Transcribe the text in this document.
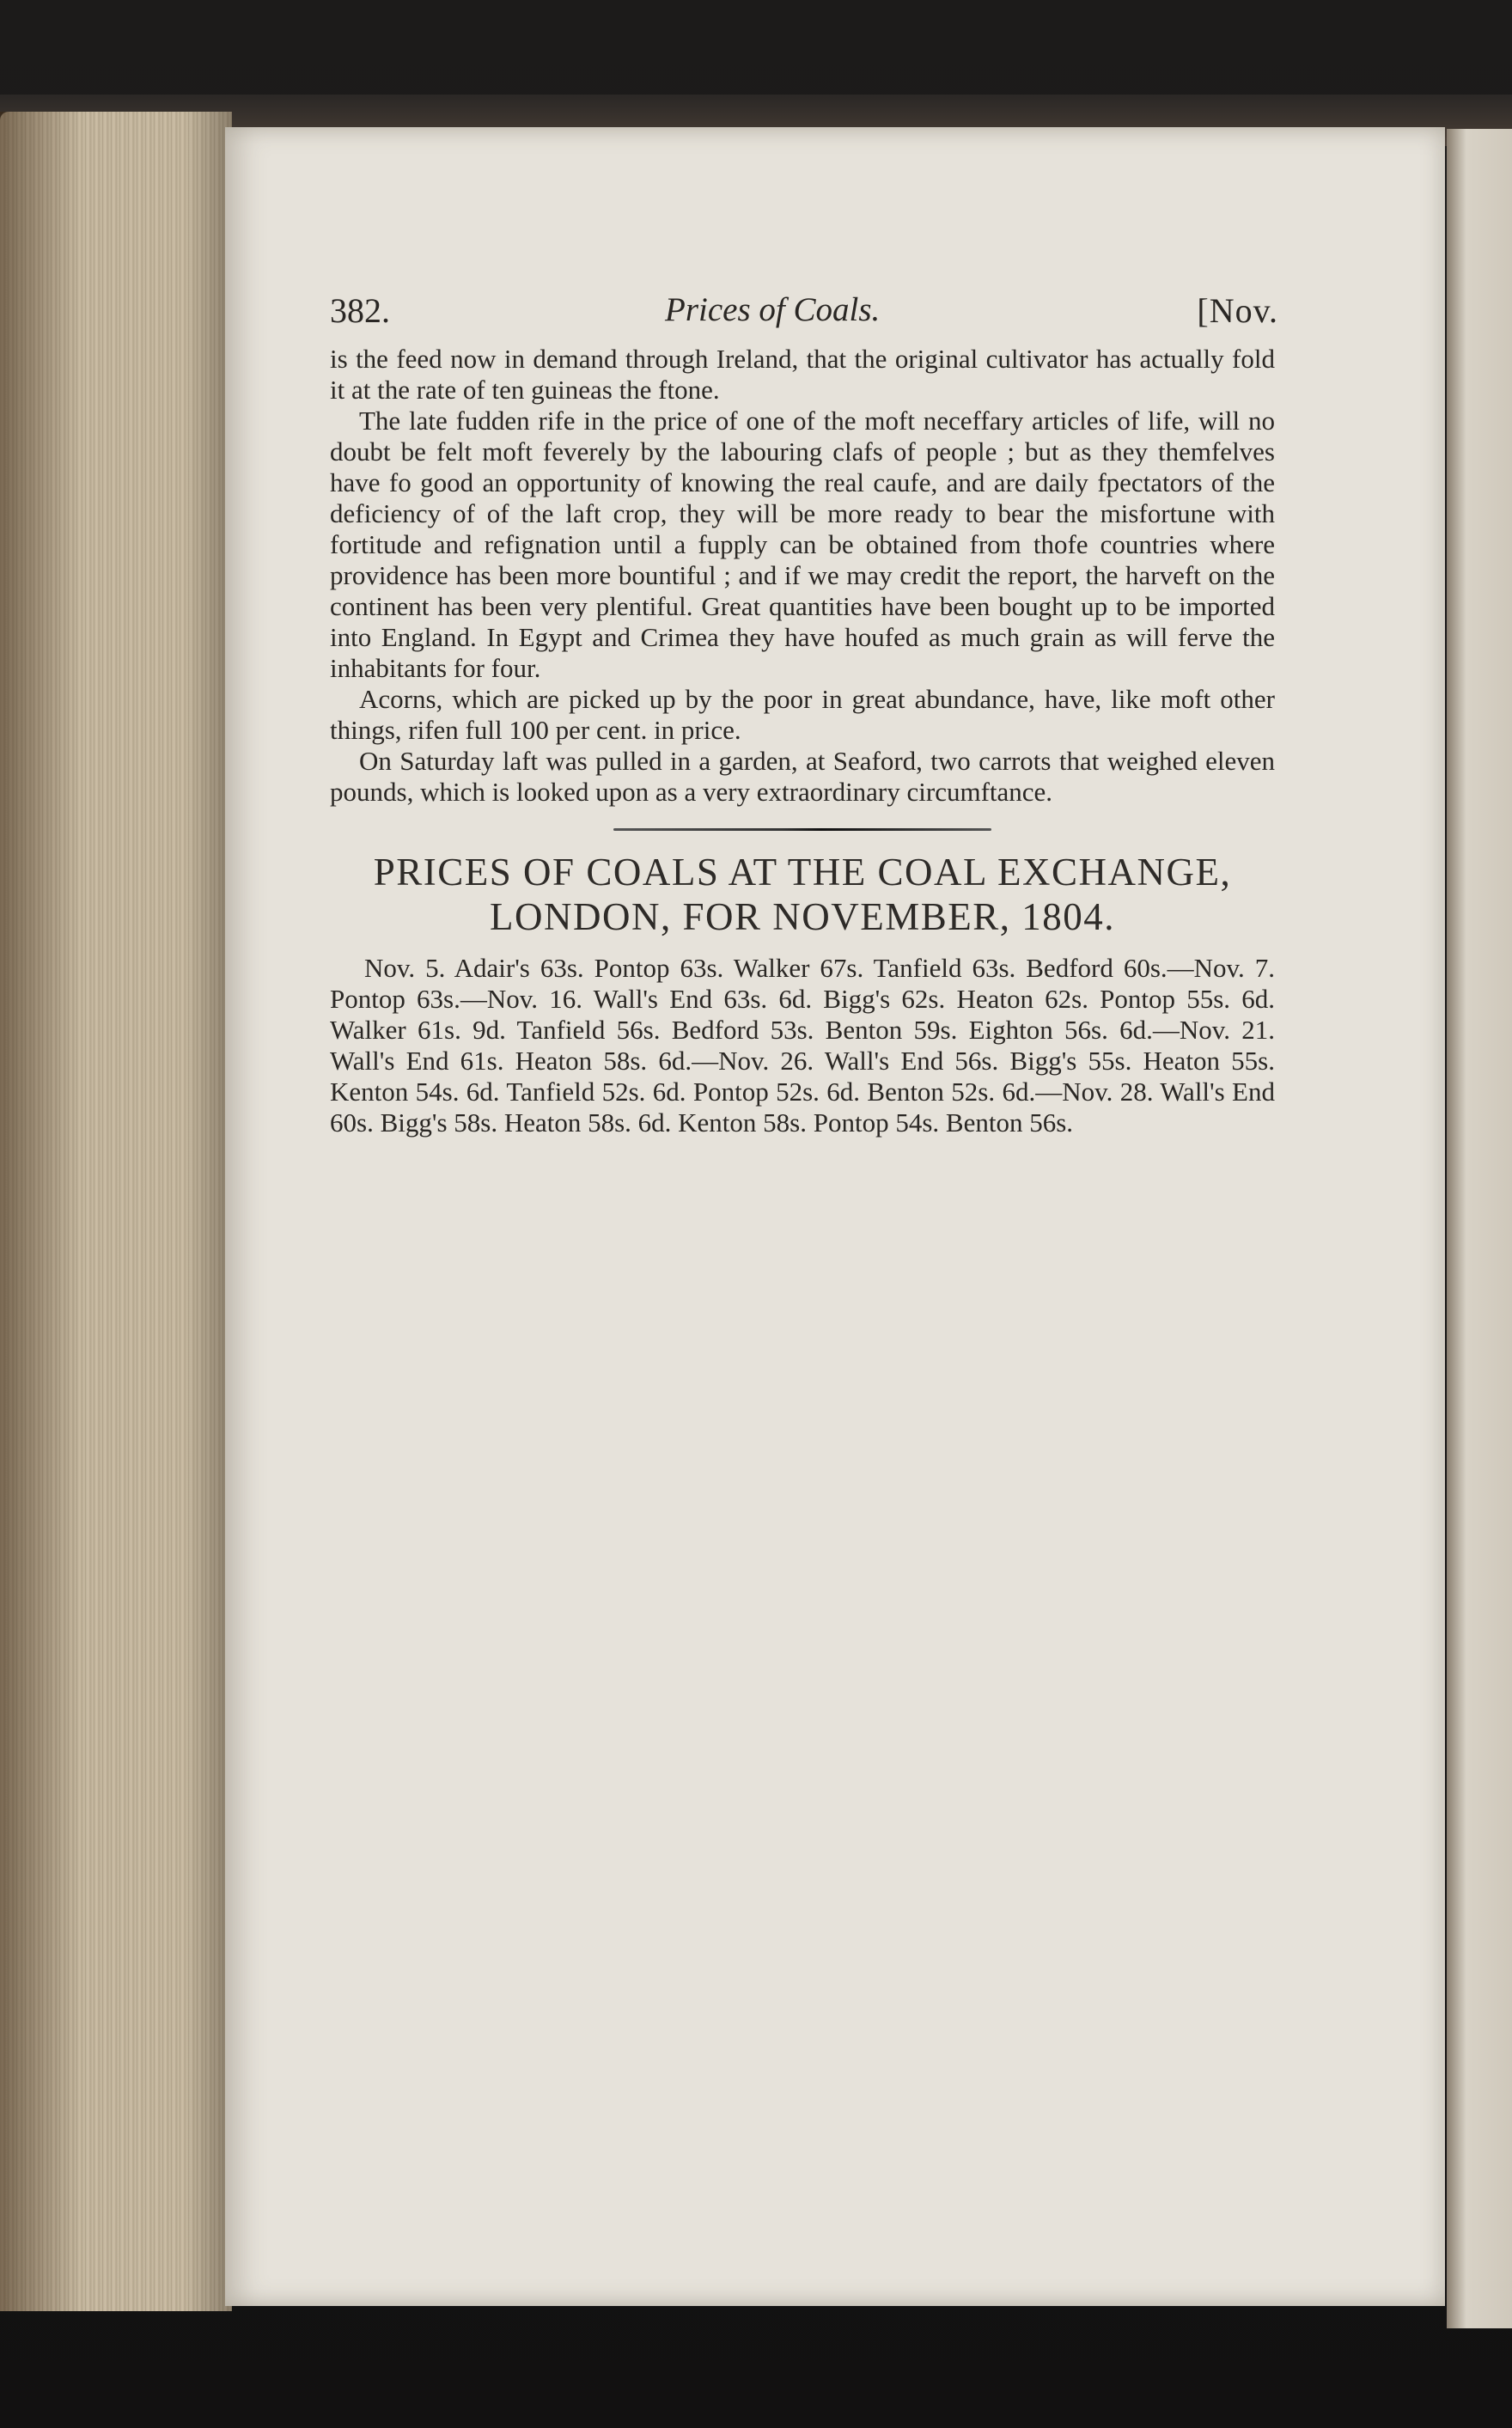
382.	Prices of Coals.	[Nov.

is the feed now in demand through Ireland, that the original cultivator has actually fold it at the rate of ten guineas the ftone.

The late fudden rife in the price of one of the moft neceffary articles of life, will no doubt be felt moft feverely by the labouring clafs of people ; but as they themfelves have fo good an opportunity of knowing the real caufe, and are daily fpectators of the deficiency of of the laft crop, they will be more ready to bear the misfortune with fortitude and refignation until a fupply can be obtained from thofe countries where providence has been more bountiful ; and if we may credit the report, the harveft on the continent has been very plentiful. Great quantities have been bought up to be imported into England. In Egypt and Crimea they have houfed as much grain as will ferve the inhabitants for four.

Acorns, which are picked up by the poor in great abundance, have, like moft other things, rifen full 100 per cent. in price.

On Saturday laft was pulled in a garden, at Seaford, two carrots that weighed eleven pounds, which is looked upon as a very extraordinary circumftance.

PRICES OF COALS AT THE COAL EXCHANGE,
LONDON, FOR NOVEMBER, 1804.

Nov. 5. Adair's 63s. Pontop 63s. Walker 67s. Tanfield 63s. Bedford 60s.—Nov. 7. Pontop 63s.—Nov. 16. Wall's End 63s. 6d. Bigg's 62s. Heaton 62s. Pontop 55s. 6d. Walker 61s. 9d. Tanfield 56s. Bedford 53s. Benton 59s. Eighton 56s. 6d.—Nov. 21. Wall's End 61s. Heaton 58s. 6d.—Nov. 26. Wall's End 56s. Bigg's 55s. Heaton 55s. Kenton 54s. 6d. Tanfield 52s. 6d. Pontop 52s. 6d. Benton 52s. 6d.—Nov. 28. Wall's End 60s. Bigg's 58s. Heaton 58s. 6d. Kenton 58s. Pontop 54s. Benton 56s.
